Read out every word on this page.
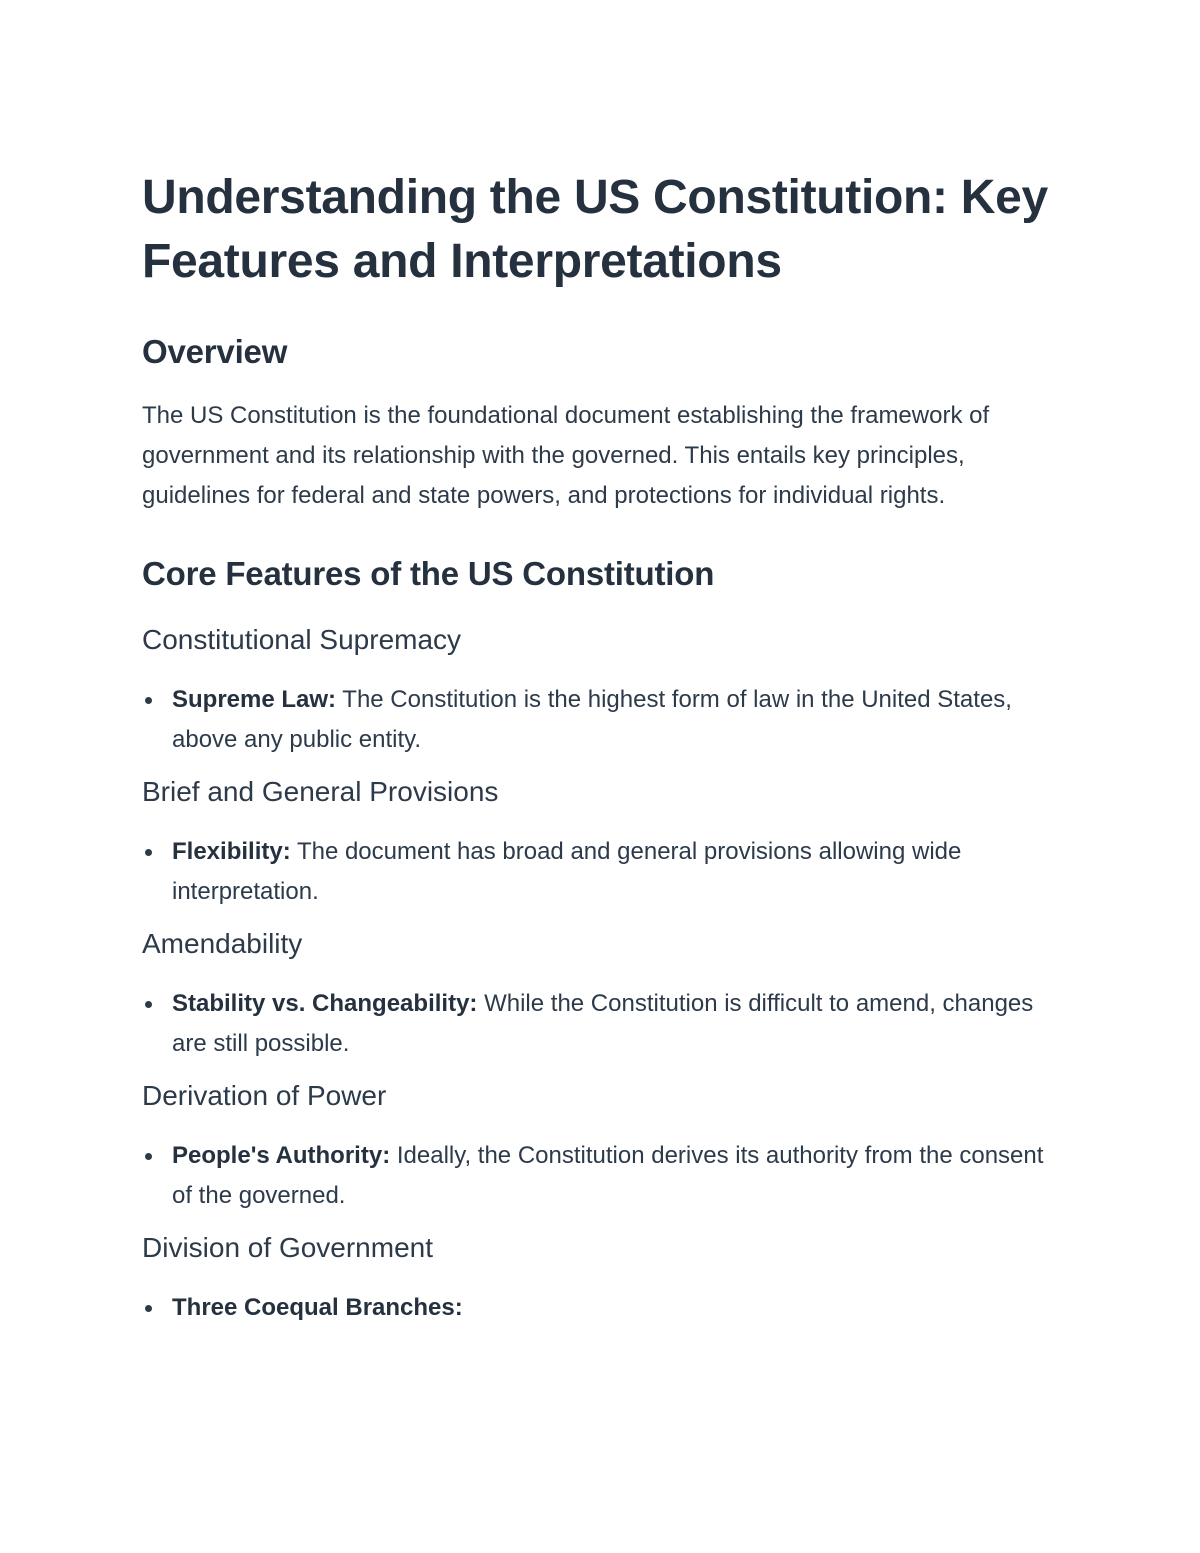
Understanding the US Constitution: Key Features and Interpretations
Overview

The US Constitution is the foundational document establishing the framework of government and its relationship with the governed. This entails key principles, guidelines for federal and state powers, and protections for individual rights.

Core Features of the US Constitution
Constitutional Supremacy
Supreme Law: The Constitution is the highest form of law in the United States, above any public entity.
Brief and General Provisions
Flexibility: The document has broad and general provisions allowing wide interpretation.
Amendability
Stability vs. Changeability: While the Constitution is difficult to amend, changes are still possible.
Derivation of Power
People's Authority: Ideally, the Constitution derives its authority from the consent of the governed.
Division of Government
Three Coequal Branches:
